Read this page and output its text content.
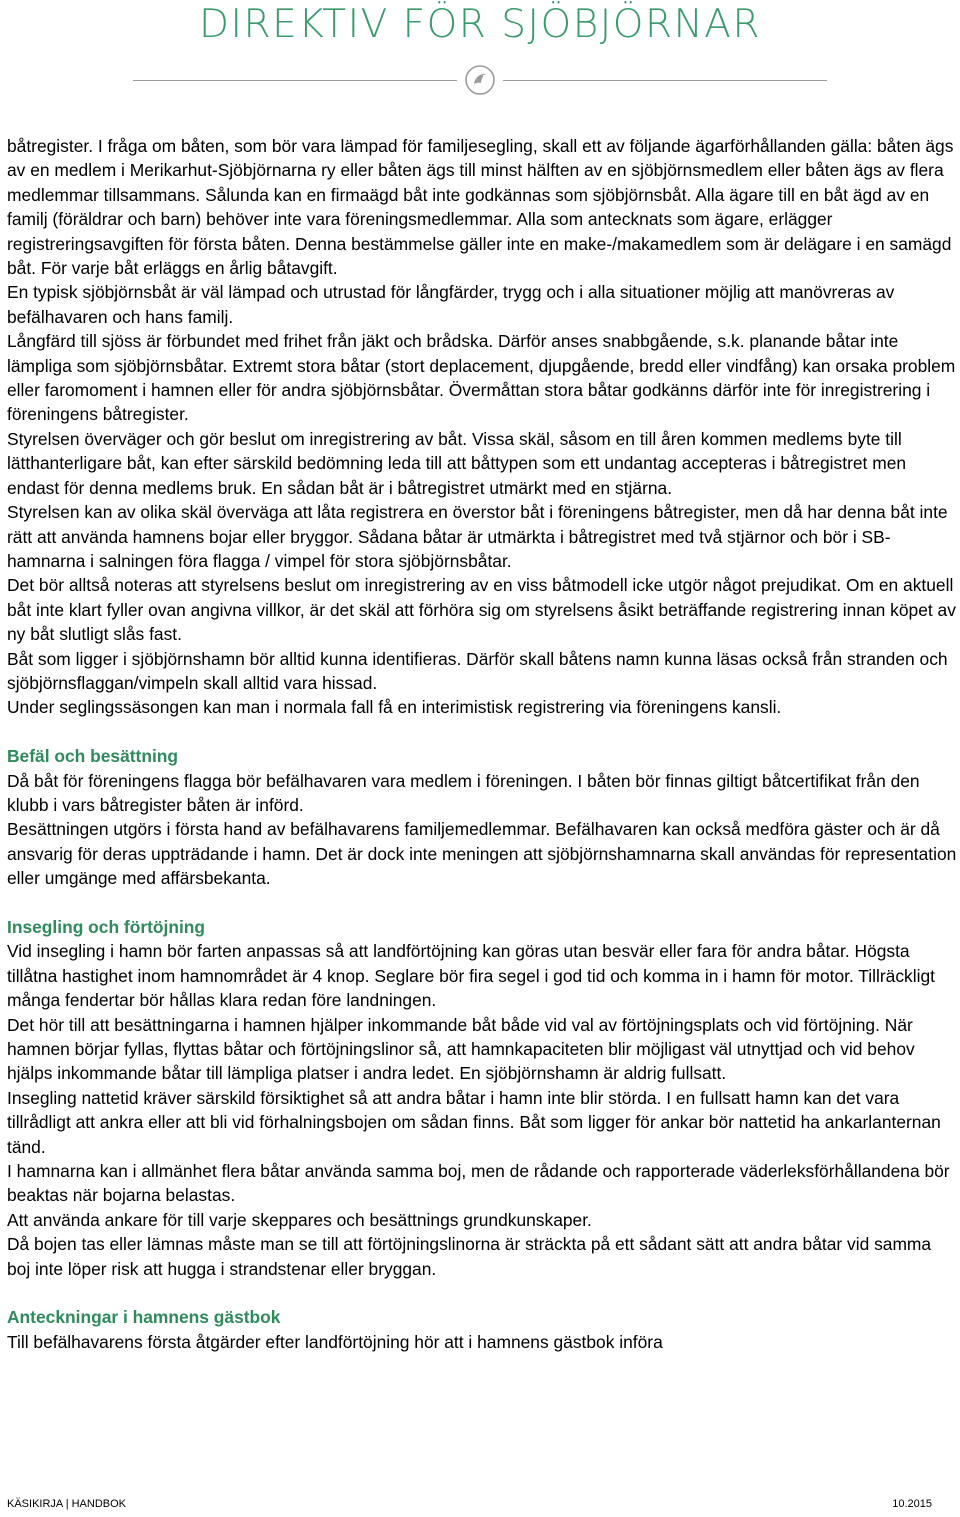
DIREKTIV FÖR SJÖBJÖRNAR

båtregister. I fråga om båten, som bör vara lämpad för familjesegling, skall ett av följande ägarförhållanden gälla: båten ägs av en medlem i Merikarhut-Sjöbjörnarna ry eller båten ägs till minst hälften av en sjöbjörnsmedlem eller båten ägs av flera medlemmar tillsammans. Sålunda kan en firmaägd båt inte godkännas som sjöbjörnsbåt. Alla ägare till en båt ägd av en familj (föräldrar och barn) behöver inte vara föreningsmedlemmar. Alla som antecknats som ägare, erlägger registreringsavgiften för första båten. Denna bestämmelse gäller inte en make-/makamedlem som är delägare i en samägd båt. För varje båt erläggs en årlig båtavgift.

En typisk sjöbjörnsbåt är väl lämpad och utrustad för långfärder, trygg och i alla situationer möjlig att manövreras av befälhavaren och hans familj.

Långfärd till sjöss är förbundet med frihet från jäkt och brådska. Därför anses snabbgående, s.k. planande båtar inte lämpliga som sjöbjörnsbåtar. Extremt stora båtar (stort deplacement, djupgående, bredd eller vindfång) kan orsaka problem eller faromoment i hamnen eller för andra sjöbjörnsbåtar. Övermåttan stora båtar godkänns därför inte för inregistrering i föreningens båtregister.

Styrelsen överväger och gör beslut om inregistrering av båt. Vissa skäl, såsom en till åren kommen medlems byte till lätthanterligare båt, kan efter särskild bedömning leda till att båttypen som ett undantag accepteras i båtregistret men endast för denna medlems bruk. En sådan båt är i båtregistret utmärkt med en stjärna.

Styrelsen kan av olika skäl överväga att låta registrera en överstor båt i föreningens båtregister, men då har denna båt inte rätt att använda hamnens bojar eller bryggor. Sådana båtar är utmärkta i båtregistret med två stjärnor och bör i SB-hamnarna i salningen föra flagga / vimpel för stora sjöbjörnsbåtar.

Det bör alltså noteras att styrelsens beslut om inregistrering av en viss båtmodell icke utgör något prejudikat. Om en aktuell båt inte klart fyller ovan angivna villkor, är det skäl att förhöra sig om styrelsens åsikt beträffande registrering innan köpet av ny båt slutligt slås fast.

Båt som ligger i sjöbjörnshamn bör alltid kunna identifieras. Därför skall båtens namn kunna läsas också från stranden och sjöbjörnsflaggan/vimpeln skall alltid vara hissad.

Under seglingssäsongen kan man i normala fall få en interimistisk registrering via föreningens kansli.

Befäl och besättning

Då båt för föreningens flagga bör befälhavaren vara medlem i föreningen. I båten bör finnas giltigt båtcertifikat från den klubb i vars båtregister båten är införd.

Besättningen utgörs i första hand av befälhavarens familjemedlemmar. Befälhavaren kan också medföra gäster och är då ansvarig för deras uppträdande i hamn. Det är dock inte meningen att sjöbjörnshamnarna skall användas för representation eller umgänge med affärsbekanta.

Insegling och förtöjning

Vid insegling i hamn bör farten anpassas så att landförtöjning kan göras utan besvär eller fara för andra båtar. Högsta tillåtna hastighet inom hamnområdet är 4 knop. Seglare bör fira segel i god tid och komma in i hamn för motor. Tillräckligt många fendertar bör hållas klara redan före landningen.

Det hör till att besättningarna i hamnen hjälper inkommande båt både vid val av förtöjningsplats och vid förtöjning. När hamnen börjar fyllas, flyttas båtar och förtöjningslinor så, att hamnkapaciteten blir möjligast väl utnyttjad och vid behov hjälps inkommande båtar till lämpliga platser i andra ledet. En sjöbjörnshamn är aldrig fullsatt.

Insegling nattetid kräver särskild försiktighet så att andra båtar i hamn inte blir störda. I en fullsatt hamn kan det vara tillrådligt att ankra eller att bli vid förhalningsbojen om sådan finns. Båt som ligger för ankar bör nattetid ha ankarlanternan tänd.

I hamnarna kan i allmänhet flera båtar använda samma boj, men de rådande och rapporterade väderleksförhållandena bör beaktas när bojarna belastas.

Att använda ankare för till varje skeppares och besättnings grundkunskaper.

Då bojen tas eller lämnas måste man se till att förtöjningslinorna är sträckta på ett sådant sätt att andra båtar vid samma boj inte löper risk att hugga i strandstenar eller bryggan.

Anteckningar i hamnens gästbok

Till befälhavarens första åtgärder efter landförtöjning hör att i hamnens gästbok införa

KÄSIKIRJA | HANDBOK	10.2015
